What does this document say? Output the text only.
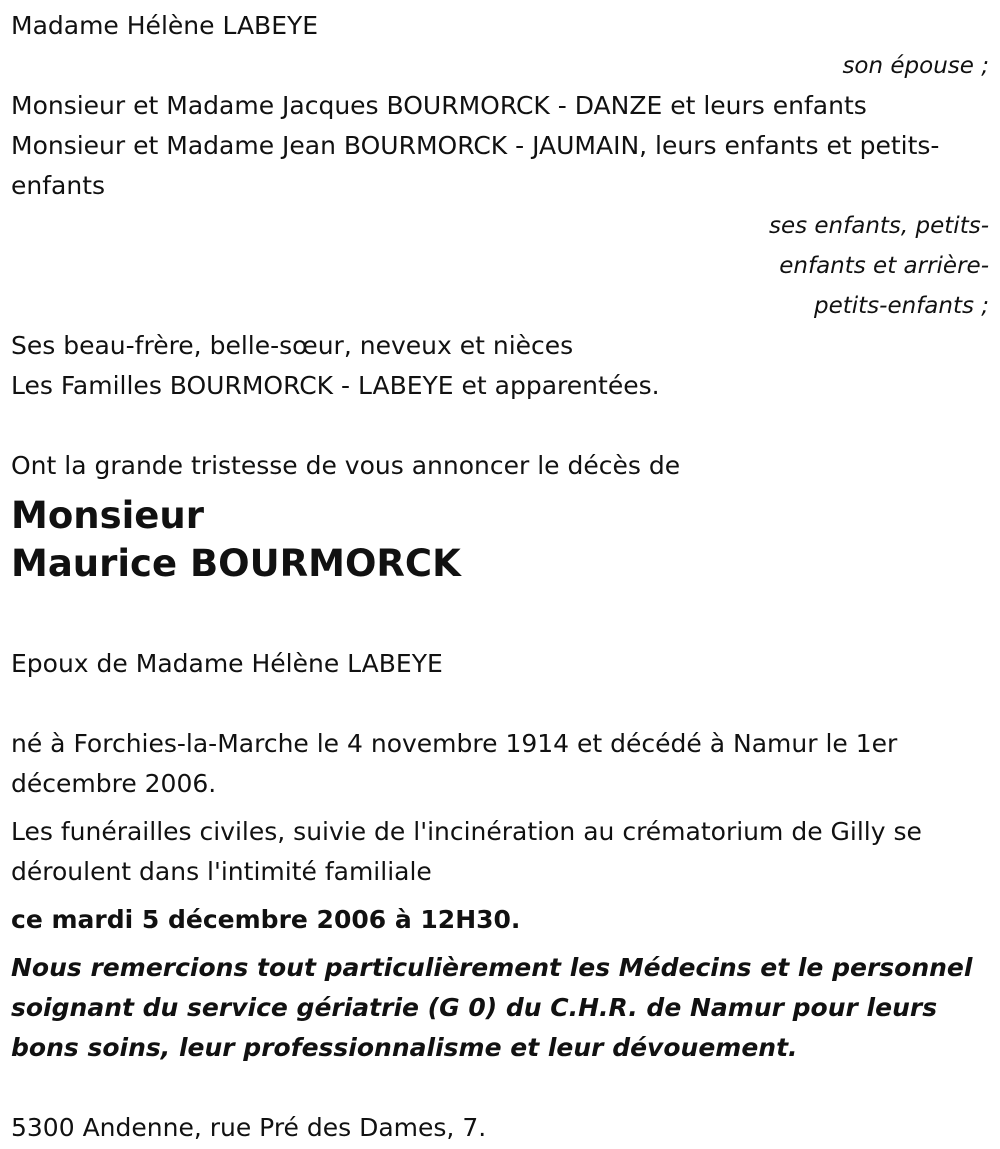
Madame Hélène LABEYE
son épouse ;
Monsieur et Madame Jacques BOURMORCK - DANZE et leurs enfants
Monsieur et Madame Jean BOURMORCK - JAUMAIN, leurs enfants et petits-enfants
ses enfants, petits-enfants et arrière-petits-enfants ;
Ses beau-frère, belle-sœur, neveux et nièces
Les Familles BOURMORCK - LABEYE et apparentées.
Ont la grande tristesse de vous annoncer le décès de
Monsieur
Maurice BOURMORCK
Epoux de Madame Hélène LABEYE
né à Forchies-la-Marche le 4 novembre 1914 et décédé à Namur le 1er décembre 2006.
Les funérailles civiles, suivie de l'incinération au crématorium de Gilly se déroulent dans l'intimité familiale
ce mardi 5 décembre 2006 à 12H30.
Nous remercions tout particulièrement les Médecins et le personnel soignant du service gériatrie (G 0) du C.H.R. de Namur pour leurs bons soins, leur professionnalisme et leur dévouement.
5300 Andenne, rue Pré des Dames, 7.
